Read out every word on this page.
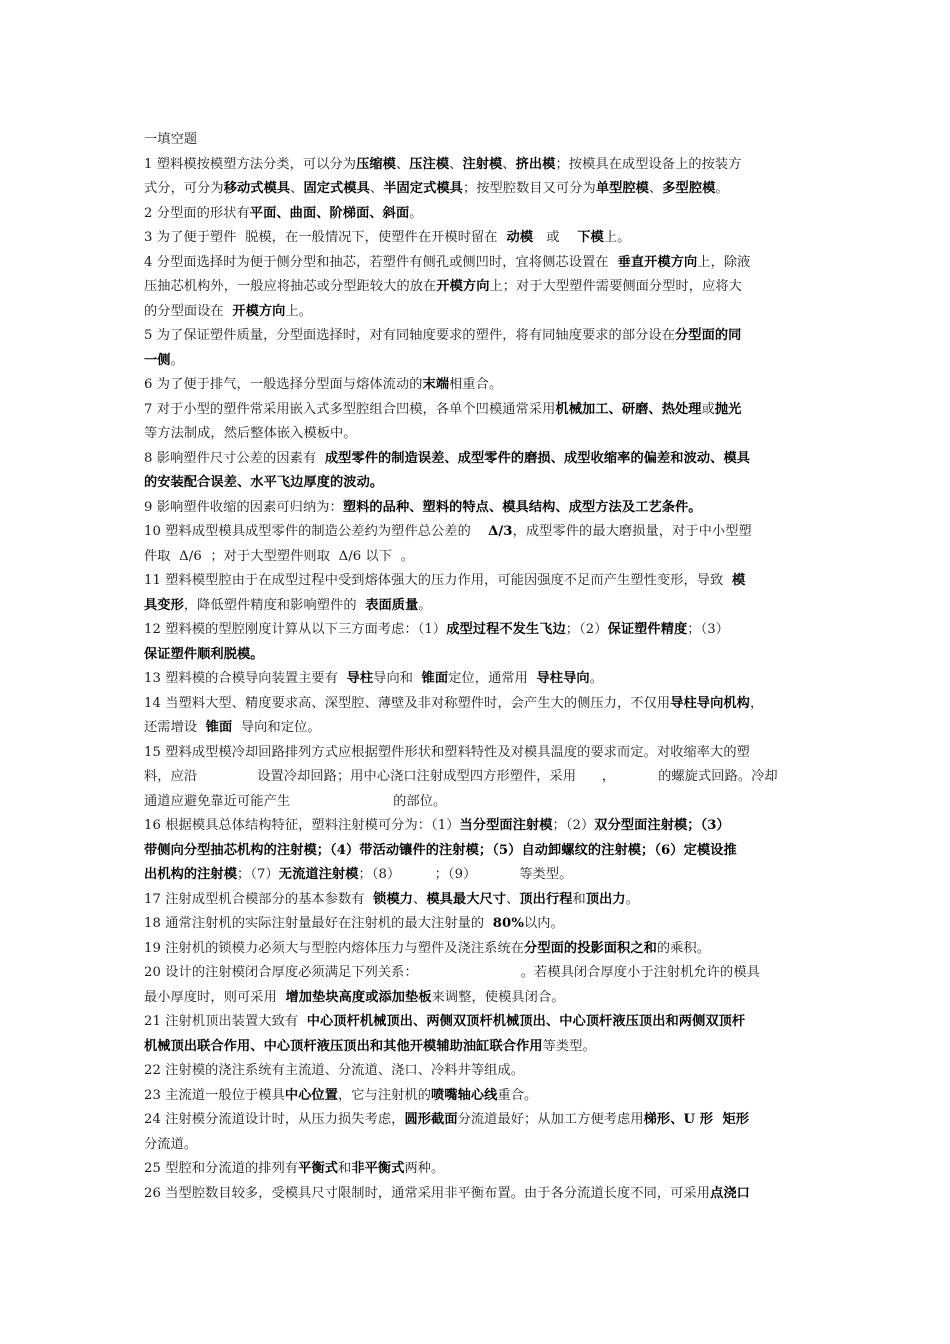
一填空题
1 塑料模按模塑方法分类，可以分为压缩模、压注模、注射模、挤出模；按模具在成型设备上的按装方
式分，可分为移动式模具、固定式模具、半固定式模具；按型腔数目又可分为单型腔模、多型腔模。
2 分型面的形状有平面、曲面、阶梯面、斜面。
3 为了便于塑件  脱模，在一般情况下，使塑件在开模时留在  动模   或    下模上。
4 分型面选择时为便于侧分型和抽芯，若塑件有侧孔或侧凹时，宜将侧芯设置在  垂直开模方向上，除液
压抽芯机构外，一般应将抽芯或分型距较大的放在开模方向上；对于大型塑件需要侧面分型时，应将大
的分型面设在  开模方向上。
5 为了保证塑件质量，分型面选择时，对有同轴度要求的塑件，将有同轴度要求的部分设在分型面的同
一侧。
6 为了便于排气，一般选择分型面与熔体流动的末端相重合。
7 对于小型的塑件常采用嵌入式多型腔组合凹模，各单个凹模通常采用机械加工、研磨、热处理或抛光
等方法制成，然后整体嵌入模板中。
8 影响塑件尺寸公差的因素有  成型零件的制造误差、成型零件的磨损、成型收缩率的偏差和波动、模具
的安装配合误差、水平飞边厚度的波动。
9 影响塑件收缩的因素可归纳为：塑料的品种、塑料的特点、模具结构、成型方法及工艺条件。
10 塑料成型模具成型零件的制造公差约为塑件总公差的    Δ/3，成型零件的最大磨损量，对于中小型塑
件取  Δ/6  ；对于大型塑件则取  Δ/6 以下  。
11 塑料模型腔由于在成型过程中受到熔体强大的压力作用，可能因强度不足而产生塑性变形，导致  模
具变形，降低塑件精度和影响塑件的  表面质量。
12 塑料模的型腔刚度计算从以下三方面考虑：（1）成型过程不发生飞边；（2）保证塑件精度；（3）
保证塑件顺利脱模。
13 塑料模的合模导向装置主要有  导柱导向和  锥面定位，通常用  导柱导向。
14 当塑料大型、精度要求高、深型腔、薄壁及非对称塑件时，会产生大的侧压力，不仅用导柱导向机构，
还需增设  锥面  导向和定位。
15 塑料成型模冷却回路排列方式应根据塑件形状和塑料特性及对模具温度的要求而定。对收缩率大的塑
料，应沿              设置冷却回路；用中心浇口注射成型四方形塑件，采用      ，          的螺旋式回路。冷却
通道应避免靠近可能产生                        的部位。
16 根据模具总体结构特征，塑料注射模可分为：（1）当分型面注射模；（2）双分型面注射模；（3）
带侧向分型抽芯机构的注射模；（4）带活动镶件的注射模；（5）自动卸螺纹的注射模；（6）定模设推
出机构的注射模；（7）无流道注射模；（8）        ；（9）          等类型。
17 注射成型机合模部分的基本参数有  锁模力、模具最大尺寸、顶出行程和顶出力。
18 通常注射机的实际注射量最好在注射机的最大注射量的  80%以内。
19 注射机的锁模力必须大与型腔内熔体压力与塑件及浇注系统在分型面的投影面积之和的乘积。
20 设计的注射模闭合厚度必须满足下列关系：                        。若模具闭合厚度小于注射机允许的模具
最小厚度时，则可采用  增加垫块高度或添加垫板来调整，使模具闭合。
21 注射机顶出装置大致有  中心顶杆机械顶出、两侧双顶杆机械顶出、中心顶杆液压顶出和两侧双顶杆
机械顶出联合作用、中心顶杆液压顶出和其他开模辅助油缸联合作用等类型。
22 注射模的浇注系统有主流道、分流道、浇口、冷料井等组成。
23 主流道一般位于模具中心位置，它与注射机的喷嘴轴心线重合。
24 注射模分流道设计时，从压力损失考虑，圆形截面分流道最好；从加工方便考虑用梯形、U 形  矩形
分流道。
25 型腔和分流道的排列有平衡式和非平衡式两种。
26 当型腔数目较多，受模具尺寸限制时，通常采用非平衡布置。由于各分流道长度不同，可采用点浇口
